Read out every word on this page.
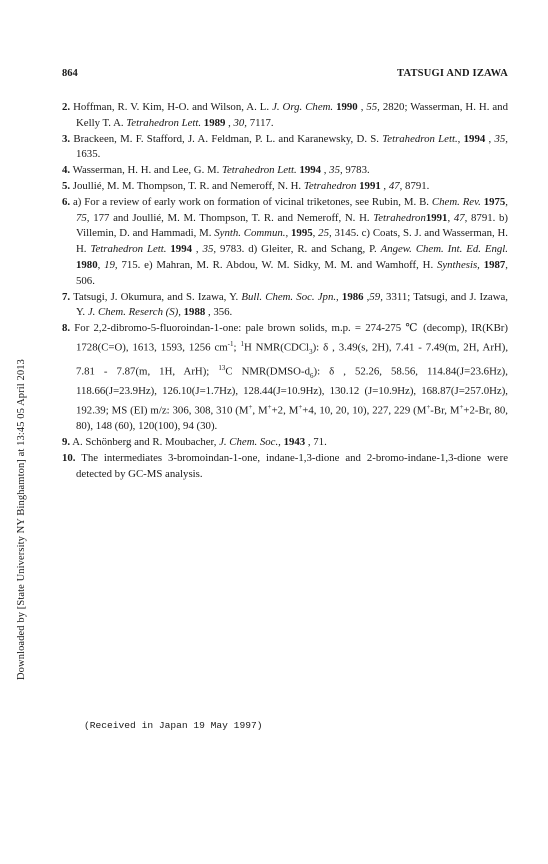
864	TATSUGI AND IZAWA
Downloaded by [State University NY Binghamton] at 13:45 05 April 2013
2. Hoffman, R. V. Kim, H-O. and Wilson, A. L. J. Org. Chem. 1990 , 55, 2820; Wasserman, H. H. and Kelly T. A. Tetrahedron Lett. 1989 , 30, 7117.
3. Brackeen, M. F. Stafford, J. A. Feldman, P. L. and Karanewsky, D. S. Tetrahedron Lett., 1994 , 35, 1635.
4. Wasserman, H. H. and Lee, G. M. Tetrahedron Lett. 1994 , 35, 9783.
5. Joullié, M. M. Thompson, T. R. and Nemeroff, N. H. Tetrahedron 1991 , 47, 8791.
6. a) For a review of early work on formation of vicinal triketones, see Rubin, M. B. Chem. Rev. 1975, 75, 177 and Joullié, M. M. Thompson, T. R. and Nemeroff, N. H. Tetrahedron1991, 47, 8791. b) Villemin, D. and Hammadi, M. Synth. Commun., 1995, 25, 3145. c) Coats, S. J. and Wasserman, H. H. Tetrahedron Lett. 1994 , 35, 9783. d) Gleiter, R. and Schang, P. Angew. Chem. Int. Ed. Engl. 1980, 19, 715. e) Mahran, M. R. Abdou, W. M. Sidky, M. M. and Wamhoff, H. Synthesis, 1987, 506.
7. Tatsugi, J. Okumura, and S. Izawa, Y. Bull. Chem. Soc. Jpn., 1986 ,59, 3311; Tatsugi, and J. Izawa, Y. J. Chem. Reserch (S), 1988 , 356.
8. For 2,2-dibromo-5-fluoroindan-1-one: pale brown solids, m.p. = 274-275 ℃ (decomp), IR(KBr) 1728(C=O), 1613, 1593, 1256 $cm^{-1}$; $^1$H NMR(CDCl$_3$): δ , 3.49(s, 2H), 7.41 - 7.49(m, 2H, ArH), 7.81 - 7.87(m, 1H, ArH); $^{13}$C $NMR(DMSO-d_6)$: δ , 52.26, 58.56, 114.84(J=23.6Hz), 118.66(J=23.9Hz), 126.10(J=1.7Hz), 128.44(J=10.9Hz), 130.12 (J=10.9Hz), 168.87(J=257.0Hz), 192.39; MS (EI) m/z: 306, 308, 310 (M+, M++2, M++4, 10, 20, 10), 227, 229 (M+-Br, M++2-Br, 80, 80), 148 (60), 120(100), 94 (30).
9. A. Schönberg and R. Moubacher, J. Chem. Soc., 1943 , 71.
10. The intermediates 3-bromoindan-1-one, indane-1,3-dione and 2-bromo-indane-1,3-dione were detected by GC-MS analysis.
(Received in Japan 19 May 1997)
